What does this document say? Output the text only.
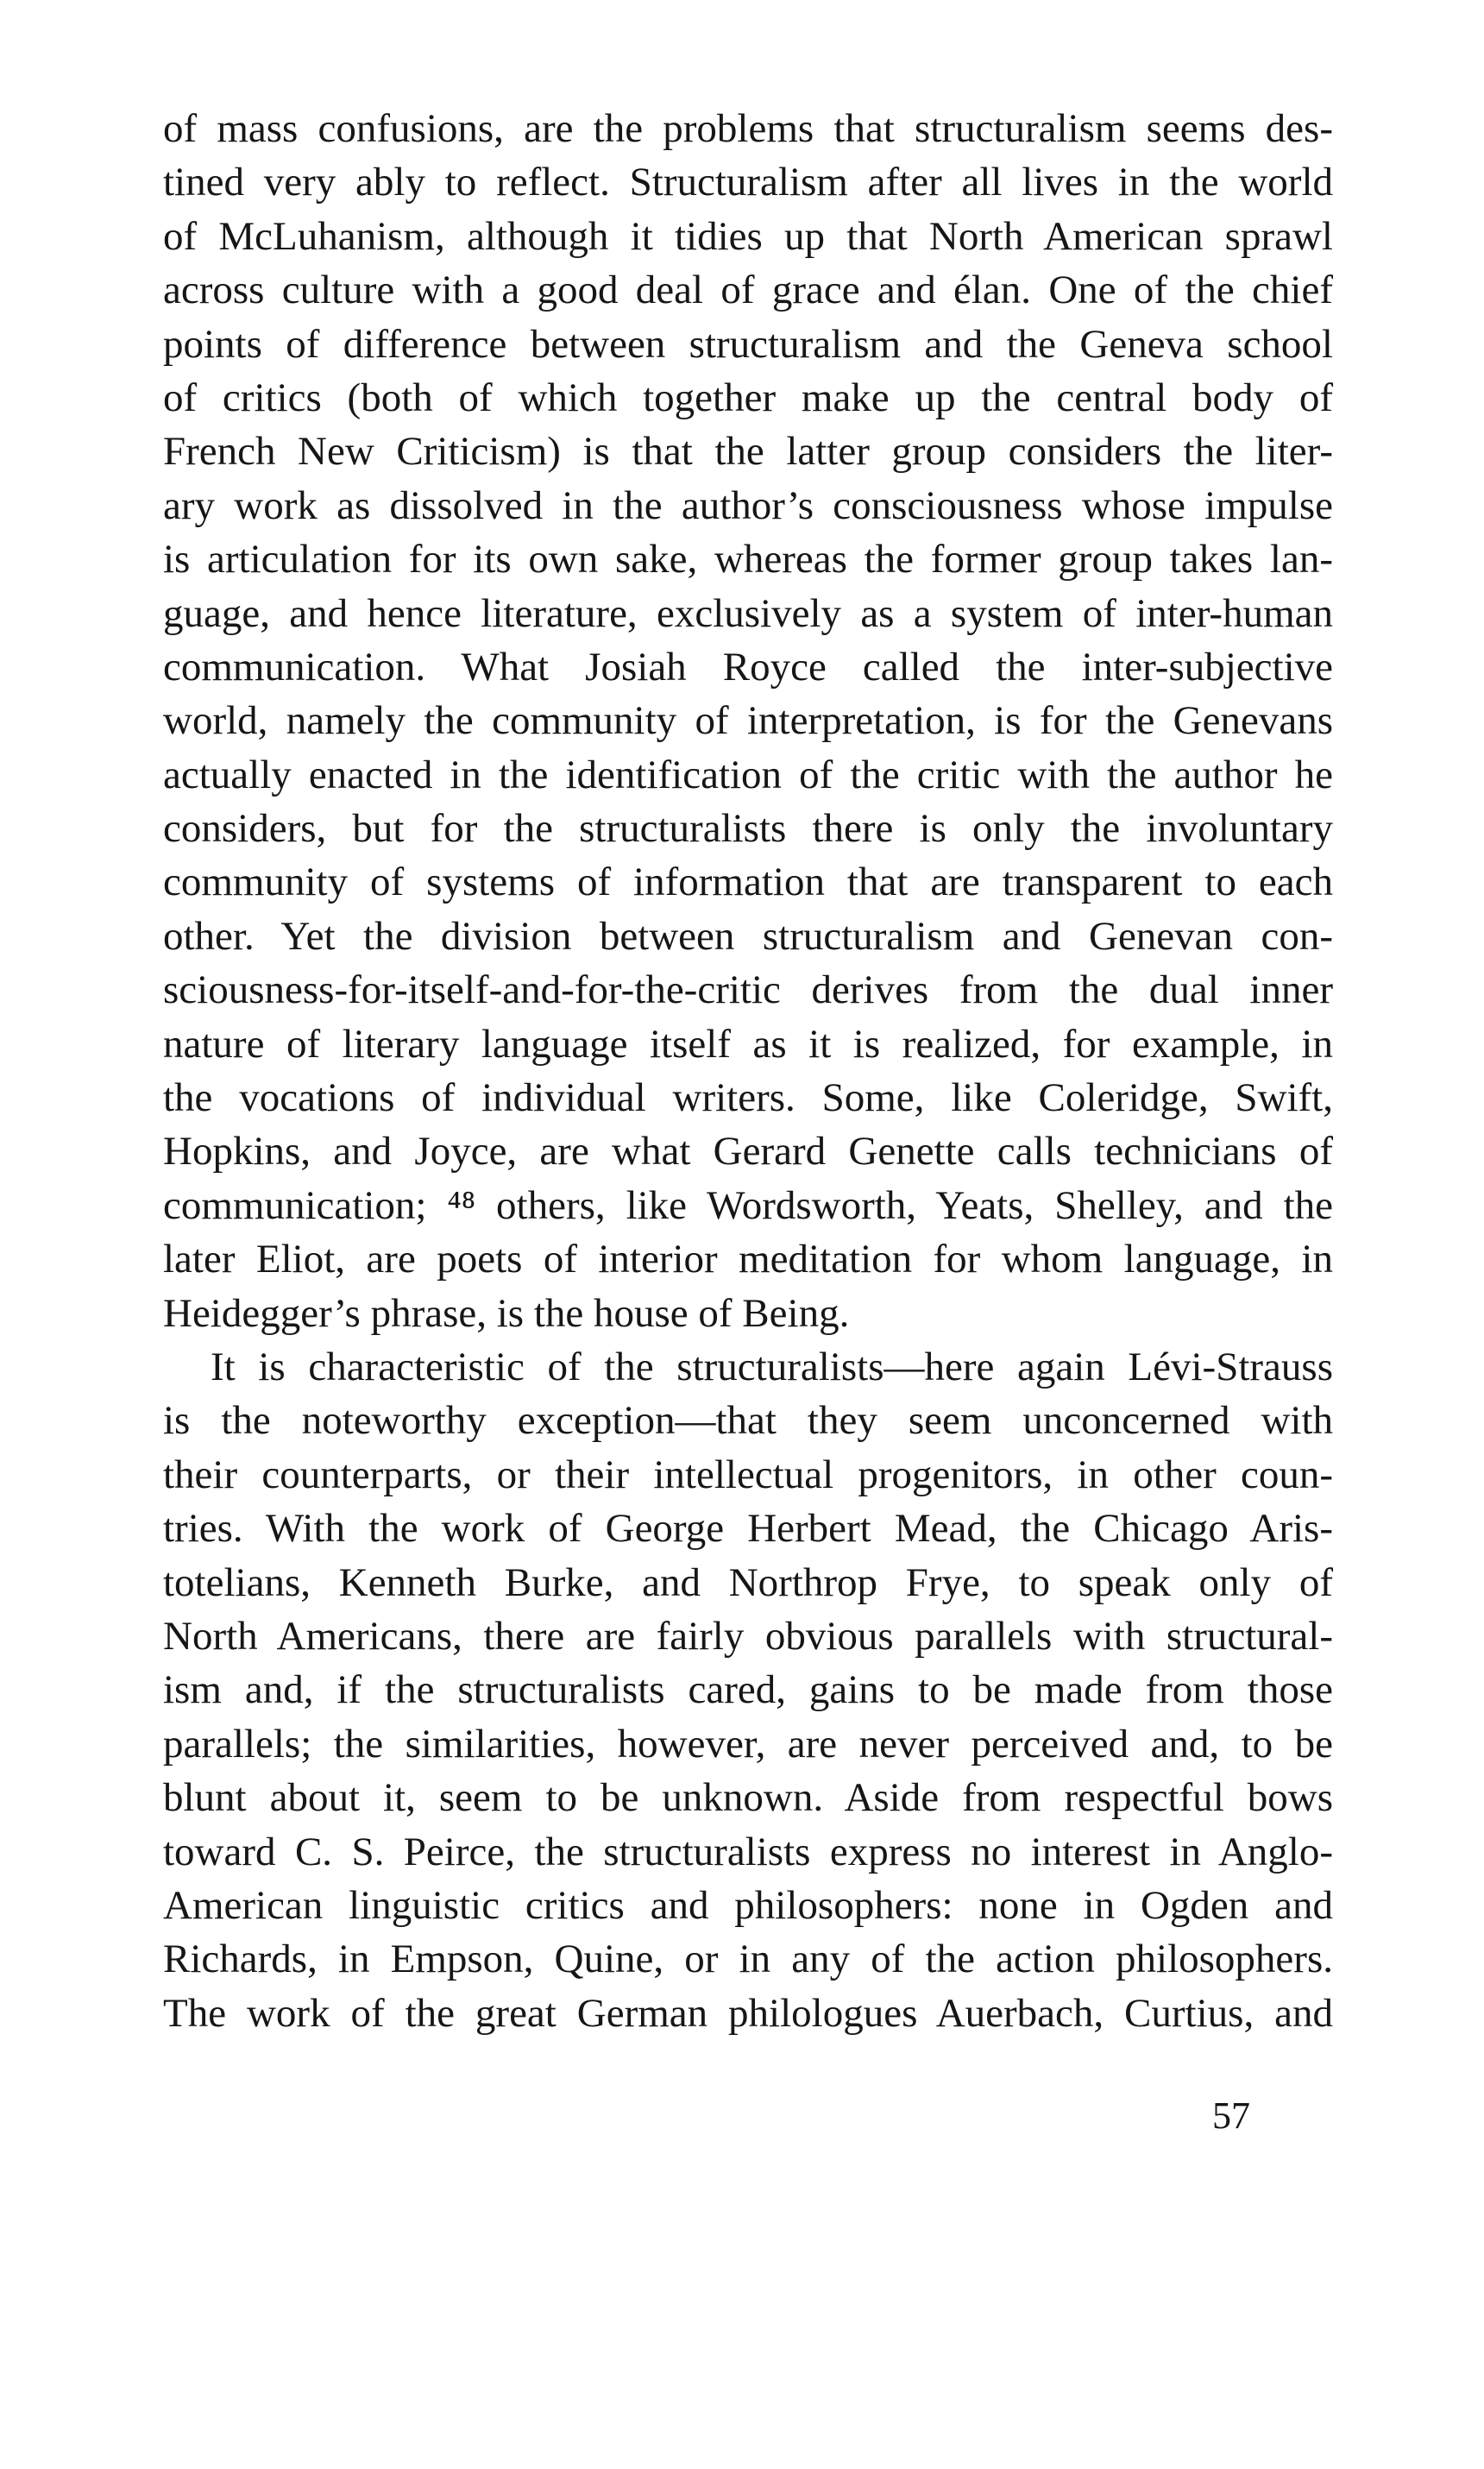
of mass confusions, are the problems that structuralism seems des-
tined very ably to reflect. Structuralism after all lives in the world
of McLuhanism, although it tidies up that North American sprawl
across culture with a good deal of grace and élan. One of the chief
points of difference between structuralism and the Geneva school
of critics (both of which together make up the central body of
French New Criticism) is that the latter group considers the liter-
ary work as dissolved in the author’s consciousness whose impulse
is articulation for its own sake, whereas the former group takes lan-
guage, and hence literature, exclusively as a system of inter-human
communication. What Josiah Royce called the inter-subjective
world, namely the community of interpretation, is for the Genevans
actually enacted in the identification of the critic with the author he
considers, but for the structuralists there is only the involuntary
community of systems of information that are transparent to each
other. Yet the division between structuralism and Genevan con-
sciousness-for-itself-and-for-the-critic derives from the dual inner
nature of literary language itself as it is realized, for example, in
the vocations of individual writers. Some, like Coleridge, Swift,
Hopkins, and Joyce, are what Gerard Genette calls technicians of
communication; ⁴⁸ others, like Wordsworth, Yeats, Shelley, and the
later Eliot, are poets of interior meditation for whom language, in
Heidegger’s phrase, is the house of Being.
It is characteristic of the structuralists—here again Lévi-Strauss
is the noteworthy exception—that they seem unconcerned with
their counterparts, or their intellectual progenitors, in other coun-
tries. With the work of George Herbert Mead, the Chicago Aris-
totelians, Kenneth Burke, and Northrop Frye, to speak only of
North Americans, there are fairly obvious parallels with structural-
ism and, if the structuralists cared, gains to be made from those
parallels; the similarities, however, are never perceived and, to be
blunt about it, seem to be unknown. Aside from respectful bows
toward C. S. Peirce, the structuralists express no interest in Anglo-
American linguistic critics and philosophers: none in Ogden and
Richards, in Empson, Quine, or in any of the action philosophers.
The work of the great German philologues Auerbach, Curtius, and
57
